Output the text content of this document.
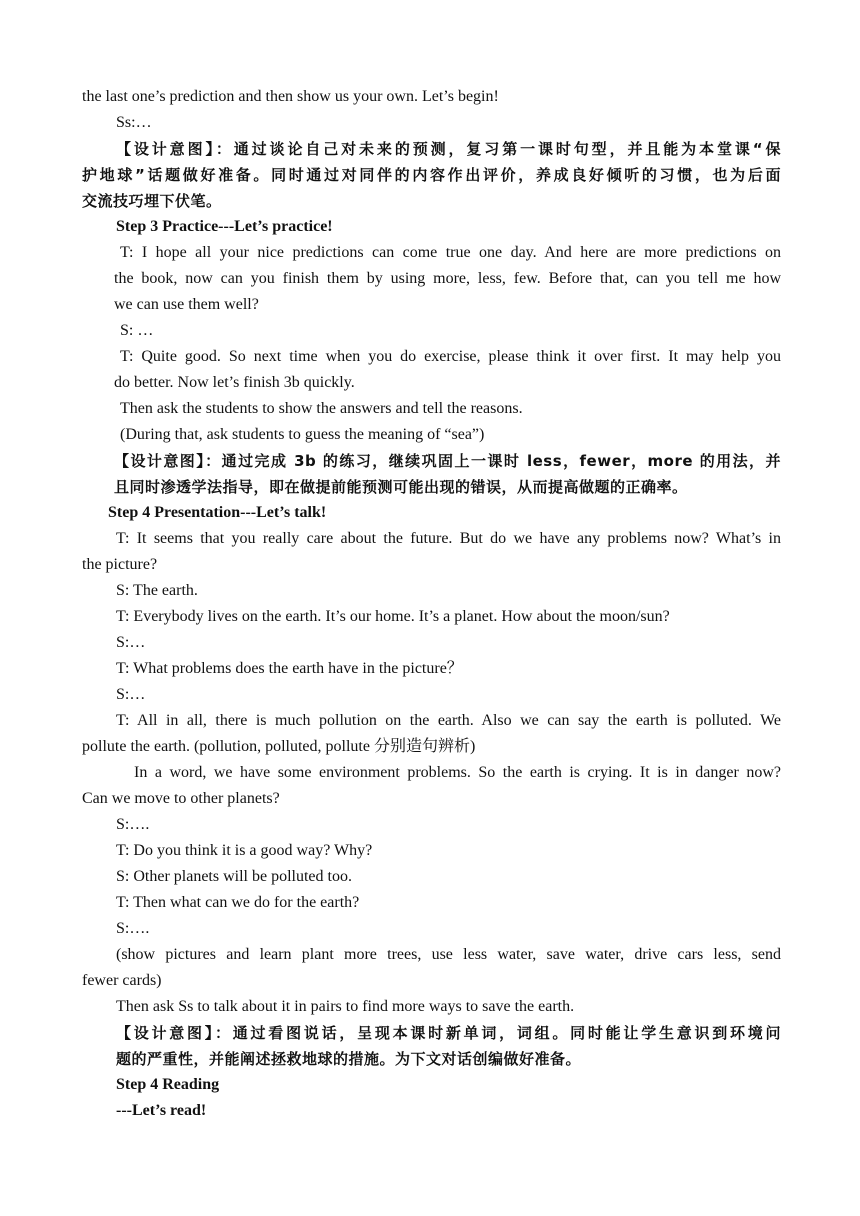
the last one’s prediction and then show us your own. Let’s begin!
Ss:…
【设计意图】：通过谈论自己对未来的预测，复习第一课时句型，并且能为本堂课“保
护地球”话题做好准备。同时通过对同伴的内容作出评价，养成良好倾听的习惯，也为后面
交流技巧埋下伏笔。
Step 3 Practice---Let’s practice!
T: I hope all your nice predictions can come true one day. And here are more predictions on
the book, now can you finish them by using more, less, few. Before that, can you tell me how
we can use them well?
S: …
T: Quite good. So next time when you do exercise, please think it over first. It may help you
do better. Now let’s finish 3b quickly.
Then ask the students to show the answers and tell the reasons.
(During that, ask students to guess the meaning of “sea”)
【设计意图】：通过完成 3b 的练习，继续巩固上一课时 less，fewer，more 的用法，并
且同时渗透学法指导，即在做提前能预测可能出现的错误，从而提高做题的正确率。
Step 4 Presentation---Let’s talk!
T: It seems that you really care about the future. But do we have any problems now? What’s in
the picture?
S: The earth.
T: Everybody lives on the earth. It’s our home. It’s a planet. How about the moon/sun?
S:…
T: What problems does the earth have in the picture？
S:…
T: All in all, there is much pollution on the earth. Also we can say the earth is polluted. We
pollute the earth. (pollution, polluted, pollute 分别造句辨析)
In a word, we have some environment problems. So the earth is crying. It is in danger now?
Can we move to other planets?
S:….
T: Do you think it is a good way? Why?
S: Other planets will be polluted too.
T: Then what can we do for the earth?
S:….
(show pictures and learn plant more trees, use less water, save water, drive cars less, send
fewer cards)
Then ask Ss to talk about it in pairs to find more ways to save the earth.
【设计意图】：通过看图说话，呈现本课时新单词，词组。同时能让学生意识到环境问
题的严重性，并能阐述拯救地球的措施。为下文对话创编做好准备。
Step 4 Reading
---Let’s read!
